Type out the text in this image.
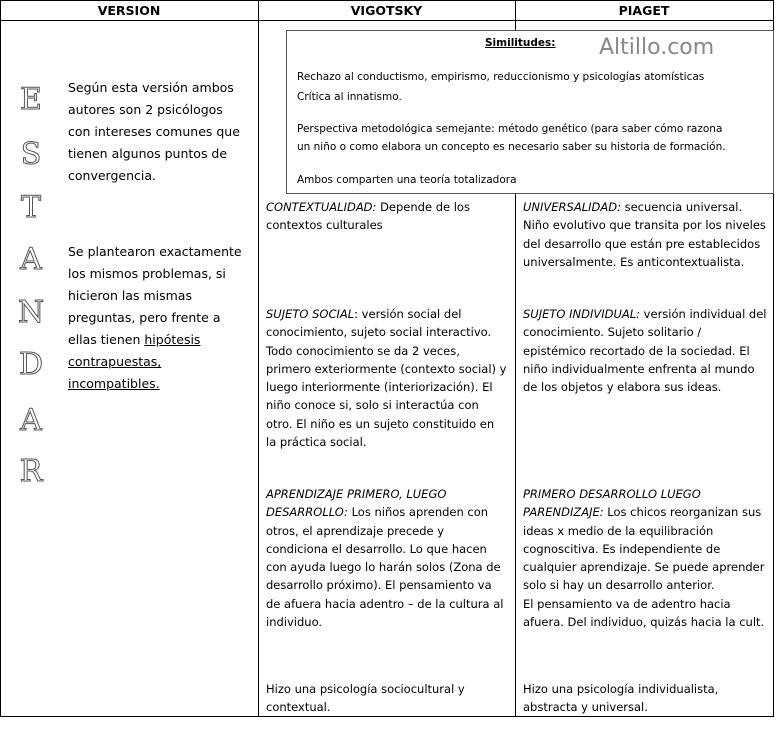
VERSION	VIGOTSKY	PIAGET
E
S
T
A
N
D
A
R
Según esta versión ambos autores son 2 psicólogos con intereses comunes que tienen algunos puntos de convergencia.
Se plantearon exactamente los mismos problemas, si hicieron las mismas preguntas, pero frente a ellas tienen hipótesis contrapuestas, incompatibles.
Similitudes: Altillo.com
Rechazo al conductismo, empirismo, reduccionismo y psicologías atomísticas
Crítica al innatismo.
Perspectiva metodológica semejante: método genético (para saber cómo razona
un niño o como elabora un concepto es necesario saber su historia de formación.
Ambos comparten una teoría totalizadora
CONTEXTUALIDAD: Depende de los contextos culturales
SUJETO SOCIAL: versión social del conocimiento, sujeto social interactivo. Todo conocimiento se da 2 veces, primero exteriormente (contexto social) y luego interiormente (interiorización). El niño conoce si, solo si interactúa con otro. El niño es un sujeto constituido en la práctica social.
APRENDIZAJE PRIMERO, LUEGO DESARROLLO: Los niños aprenden con otros, el aprendizaje precede y condiciona el desarrollo. Lo que hacen con ayuda luego lo harán solos (Zona de desarrollo próximo). El pensamiento va de afuera hacia adentro – de la cultura al individuo.
Hizo una psicología sociocultural y contextual.
UNIVERSALIDAD: secuencia universal. Niño evolutivo que transita por los niveles del desarrollo que están pre establecidos universalmente. Es anticontextualista.
SUJETO INDIVIDUAL: versión individual del conocimiento. Sujeto solitario / epistémico recortado de la sociedad. El niño individualmente enfrenta al mundo de los objetos y elabora sus ideas.
PRIMERO DESARROLLO LUEGO PARENDIZAJE: Los chicos reorganizan sus ideas x medio de la equilibración cognoscitiva. Es independiente de cualquier aprendizaje. Se puede aprender solo si hay un desarrollo anterior.
El pensamiento va de adentro hacia afuera. Del individuo, quizás hacia la cult.
Hizo una psicología individualista, abstracta y universal.
